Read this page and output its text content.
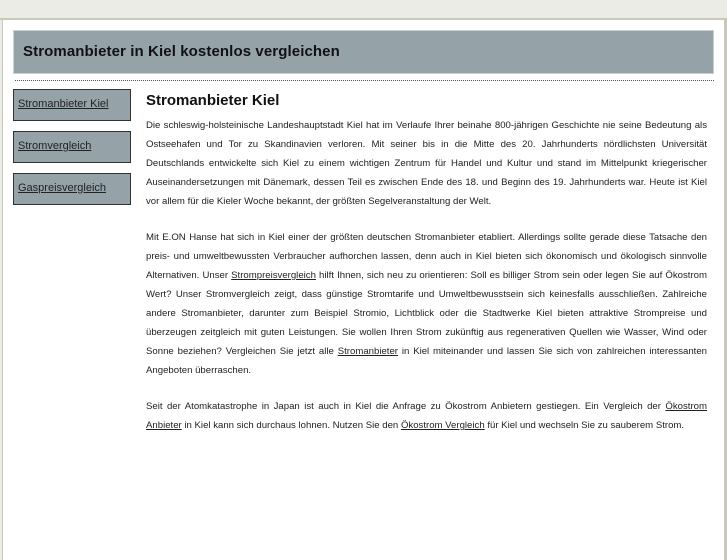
Stromanbieter in Kiel kostenlos vergleichen
Stromanbieter Kiel
Stromvergleich
Gaspreisvergleich
Stromanbieter Kiel

Die schleswig-holsteinische Landeshauptstadt Kiel hat im Verlaufe Ihrer beinahe 800-jährigen Geschichte nie seine Bedeutung als Ostseehafen und Tor zu Skandinavien verloren. Mit seiner bis in die Mitte des 20. Jahrhunderts nördlichsten Universität Deutschlands entwickelte sich Kiel zu einem wichtigen Zentrum für Handel und Kultur und stand im Mittelpunkt kriegerischer Auseinandersetzungen mit Dänemark, dessen Teil es zwischen Ende des 18. und Beginn des 19. Jahrhunderts war. Heute ist Kiel vor allem für die Kieler Woche bekannt, der größten Segelveranstaltung der Welt.

Mit E.ON Hanse hat sich in Kiel einer der größten deutschen Stromanbieter etabliert. Allerdings sollte gerade diese Tatsache den preis- und umweltbewussten Verbraucher aufhorchen lassen, denn auch in Kiel bieten sich ökonomisch und ökologisch sinnvolle Alternativen. Unser Strompreisvergleich hilft Ihnen, sich neu zu orientieren: Soll es billiger Strom sein oder legen Sie auf Ökostrom Wert? Unser Stromvergleich zeigt, dass günstige Stromtarife und Umweltbewusstsein sich keinesfalls ausschließen. Zahlreiche andere Stromanbieter, darunter zum Beispiel Stromio, Lichtblick oder die Stadtwerke Kiel bieten attraktive Strompreise und überzeugen zeitgleich mit guten Leistungen. Sie wollen Ihren Strom zukünftig aus regenerativen Quellen wie Wasser, Wind oder Sonne beziehen? Vergleichen Sie jetzt alle Stromanbieter in Kiel miteinander und lassen Sie sich von zahlreichen interessanten Angeboten überraschen.

Seit der Atomkatastrophe in Japan ist auch in Kiel die Anfrage zu Ökostrom Anbietern gestiegen. Ein Vergleich der Ökostrom Anbieter in Kiel kann sich durchaus lohnen. Nutzen Sie den Ökostrom Vergleich für Kiel und wechseln Sie zu sauberem Strom.
